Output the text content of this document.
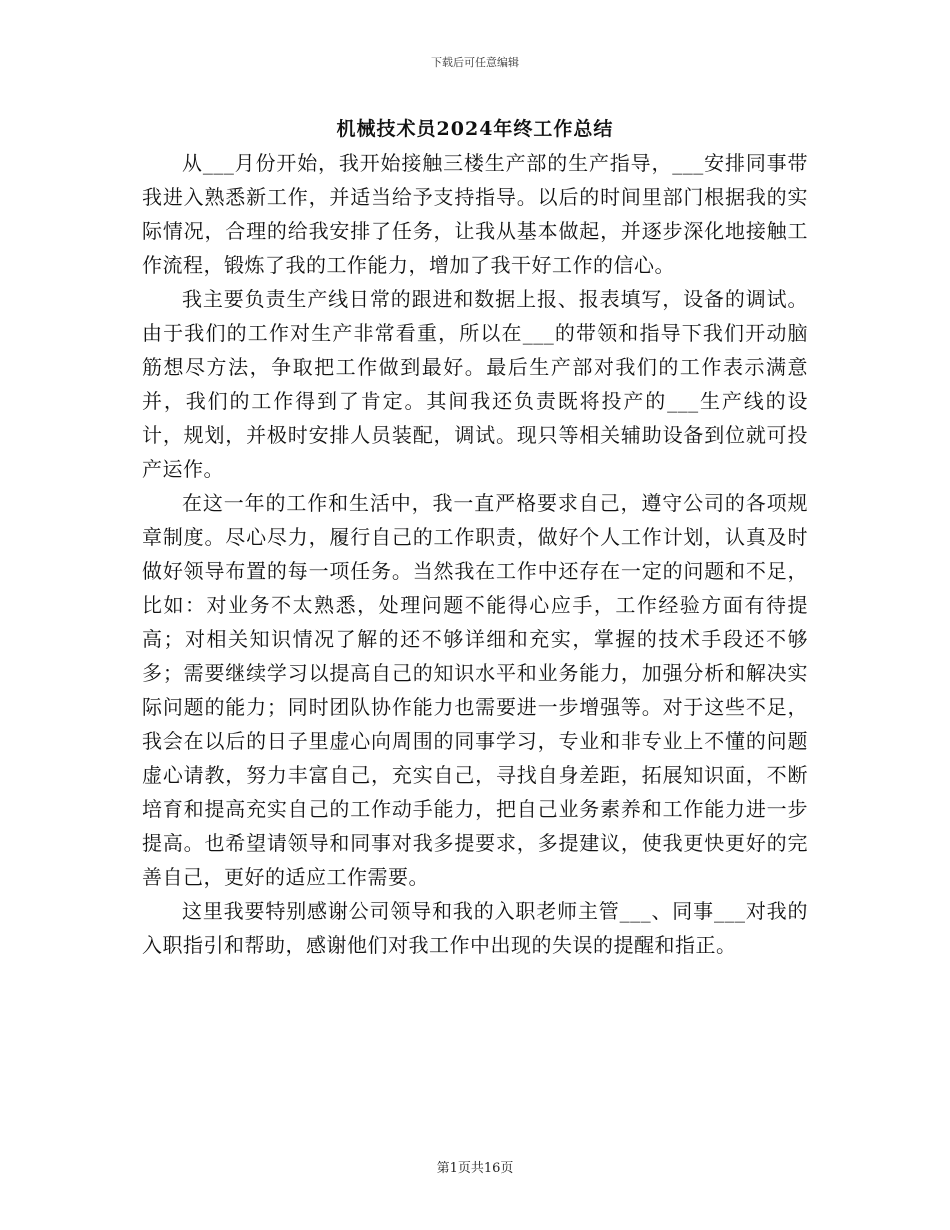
下载后可任意编辑
机械技术员2024年终工作总结

从___月份开始，我开始接触三楼生产部的生产指导，___安排同事带我进入熟悉新工作，并适当给予支持指导。以后的时间里部门根据我的实际情况，合理的给我安排了任务，让我从基本做起，并逐步深化地接触工作流程，锻炼了我的工作能力，增加了我干好工作的信心。

我主要负责生产线日常的跟进和数据上报、报表填写，设备的调试。由于我们的工作对生产非常看重，所以在___的带领和指导下我们开动脑筋想尽方法，争取把工作做到最好。最后生产部对我们的工作表示满意并，我们的工作得到了肯定。其间我还负责既将投产的___生产线的设计，规划，并极时安排人员装配，调试。现只等相关辅助设备到位就可投产运作。

在这一年的工作和生活中，我一直严格要求自己，遵守公司的各项规章制度。尽心尽力，履行自己的工作职责，做好个人工作计划，认真及时做好领导布置的每一项任务。当然我在工作中还存在一定的问题和不足，比如：对业务不太熟悉，处理问题不能得心应手，工作经验方面有待提高；对相关知识情况了解的还不够详细和充实，掌握的技术手段还不够多；需要继续学习以提高自己的知识水平和业务能力，加强分析和解决实际问题的能力；同时团队协作能力也需要进一步增强等。对于这些不足，我会在以后的日子里虚心向周围的同事学习，专业和非专业上不懂的问题虚心请教，努力丰富自己，充实自己，寻找自身差距，拓展知识面，不断培育和提高充实自己的工作动手能力，把自己业务素养和工作能力进一步提高。也希望请领导和同事对我多提要求，多提建议，使我更快更好的完善自己，更好的适应工作需要。

这里我要特别感谢公司领导和我的入职老师主管___、同事___对我的入职指引和帮助，感谢他们对我工作中出现的失误的提醒和指正。

第1页共16页
